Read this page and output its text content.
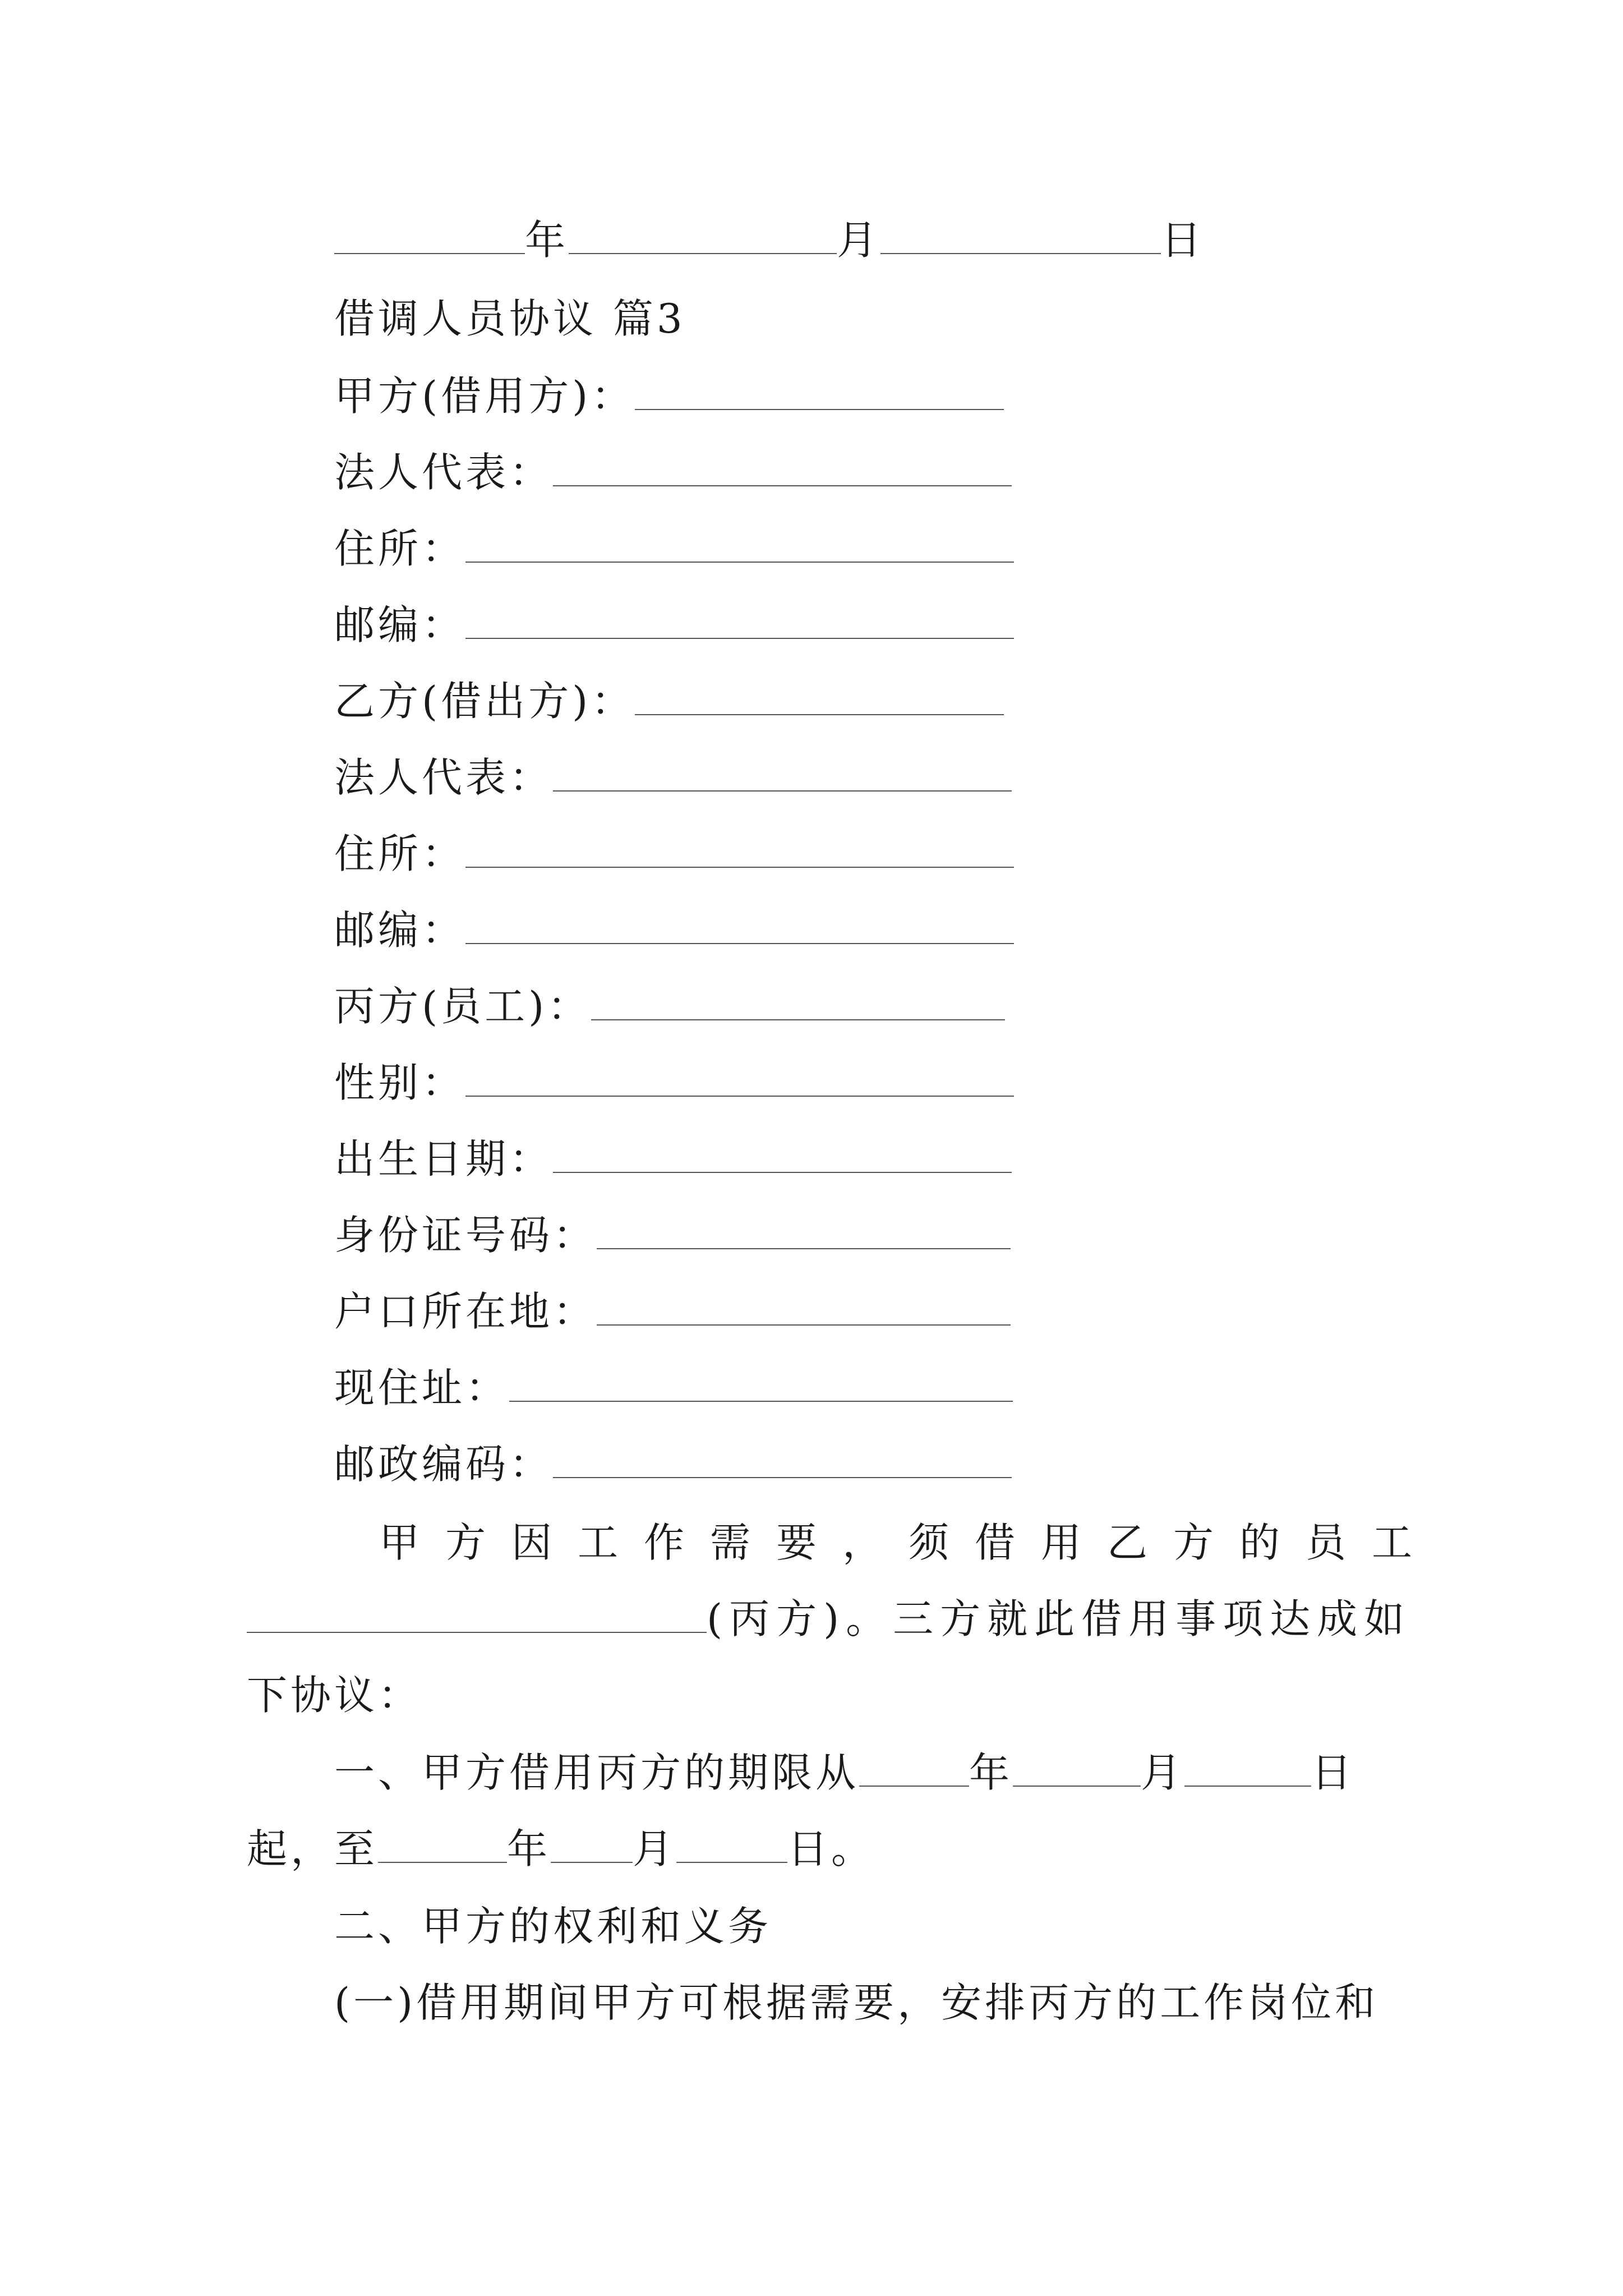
年	月	日
借调人员协议 篇3
甲方(借用方)：
法人代表：
住所：
邮编：
乙方(借出方)：
法人代表：
住所：
邮编：
丙方(员工)：
性别：
出生日期：
身份证号码：
户口所在地：
现住址：
邮政编码：
甲方因工作需要，须借用乙方的员工
(丙方)。三方就此借用事项达成如
下协议：
一、甲方借用丙方的期限从	年	月	日
起，至	年 月	日。
二、甲方的权利和义务
(一)借用期间甲方可根据需要，安排丙方的工作岗位和
